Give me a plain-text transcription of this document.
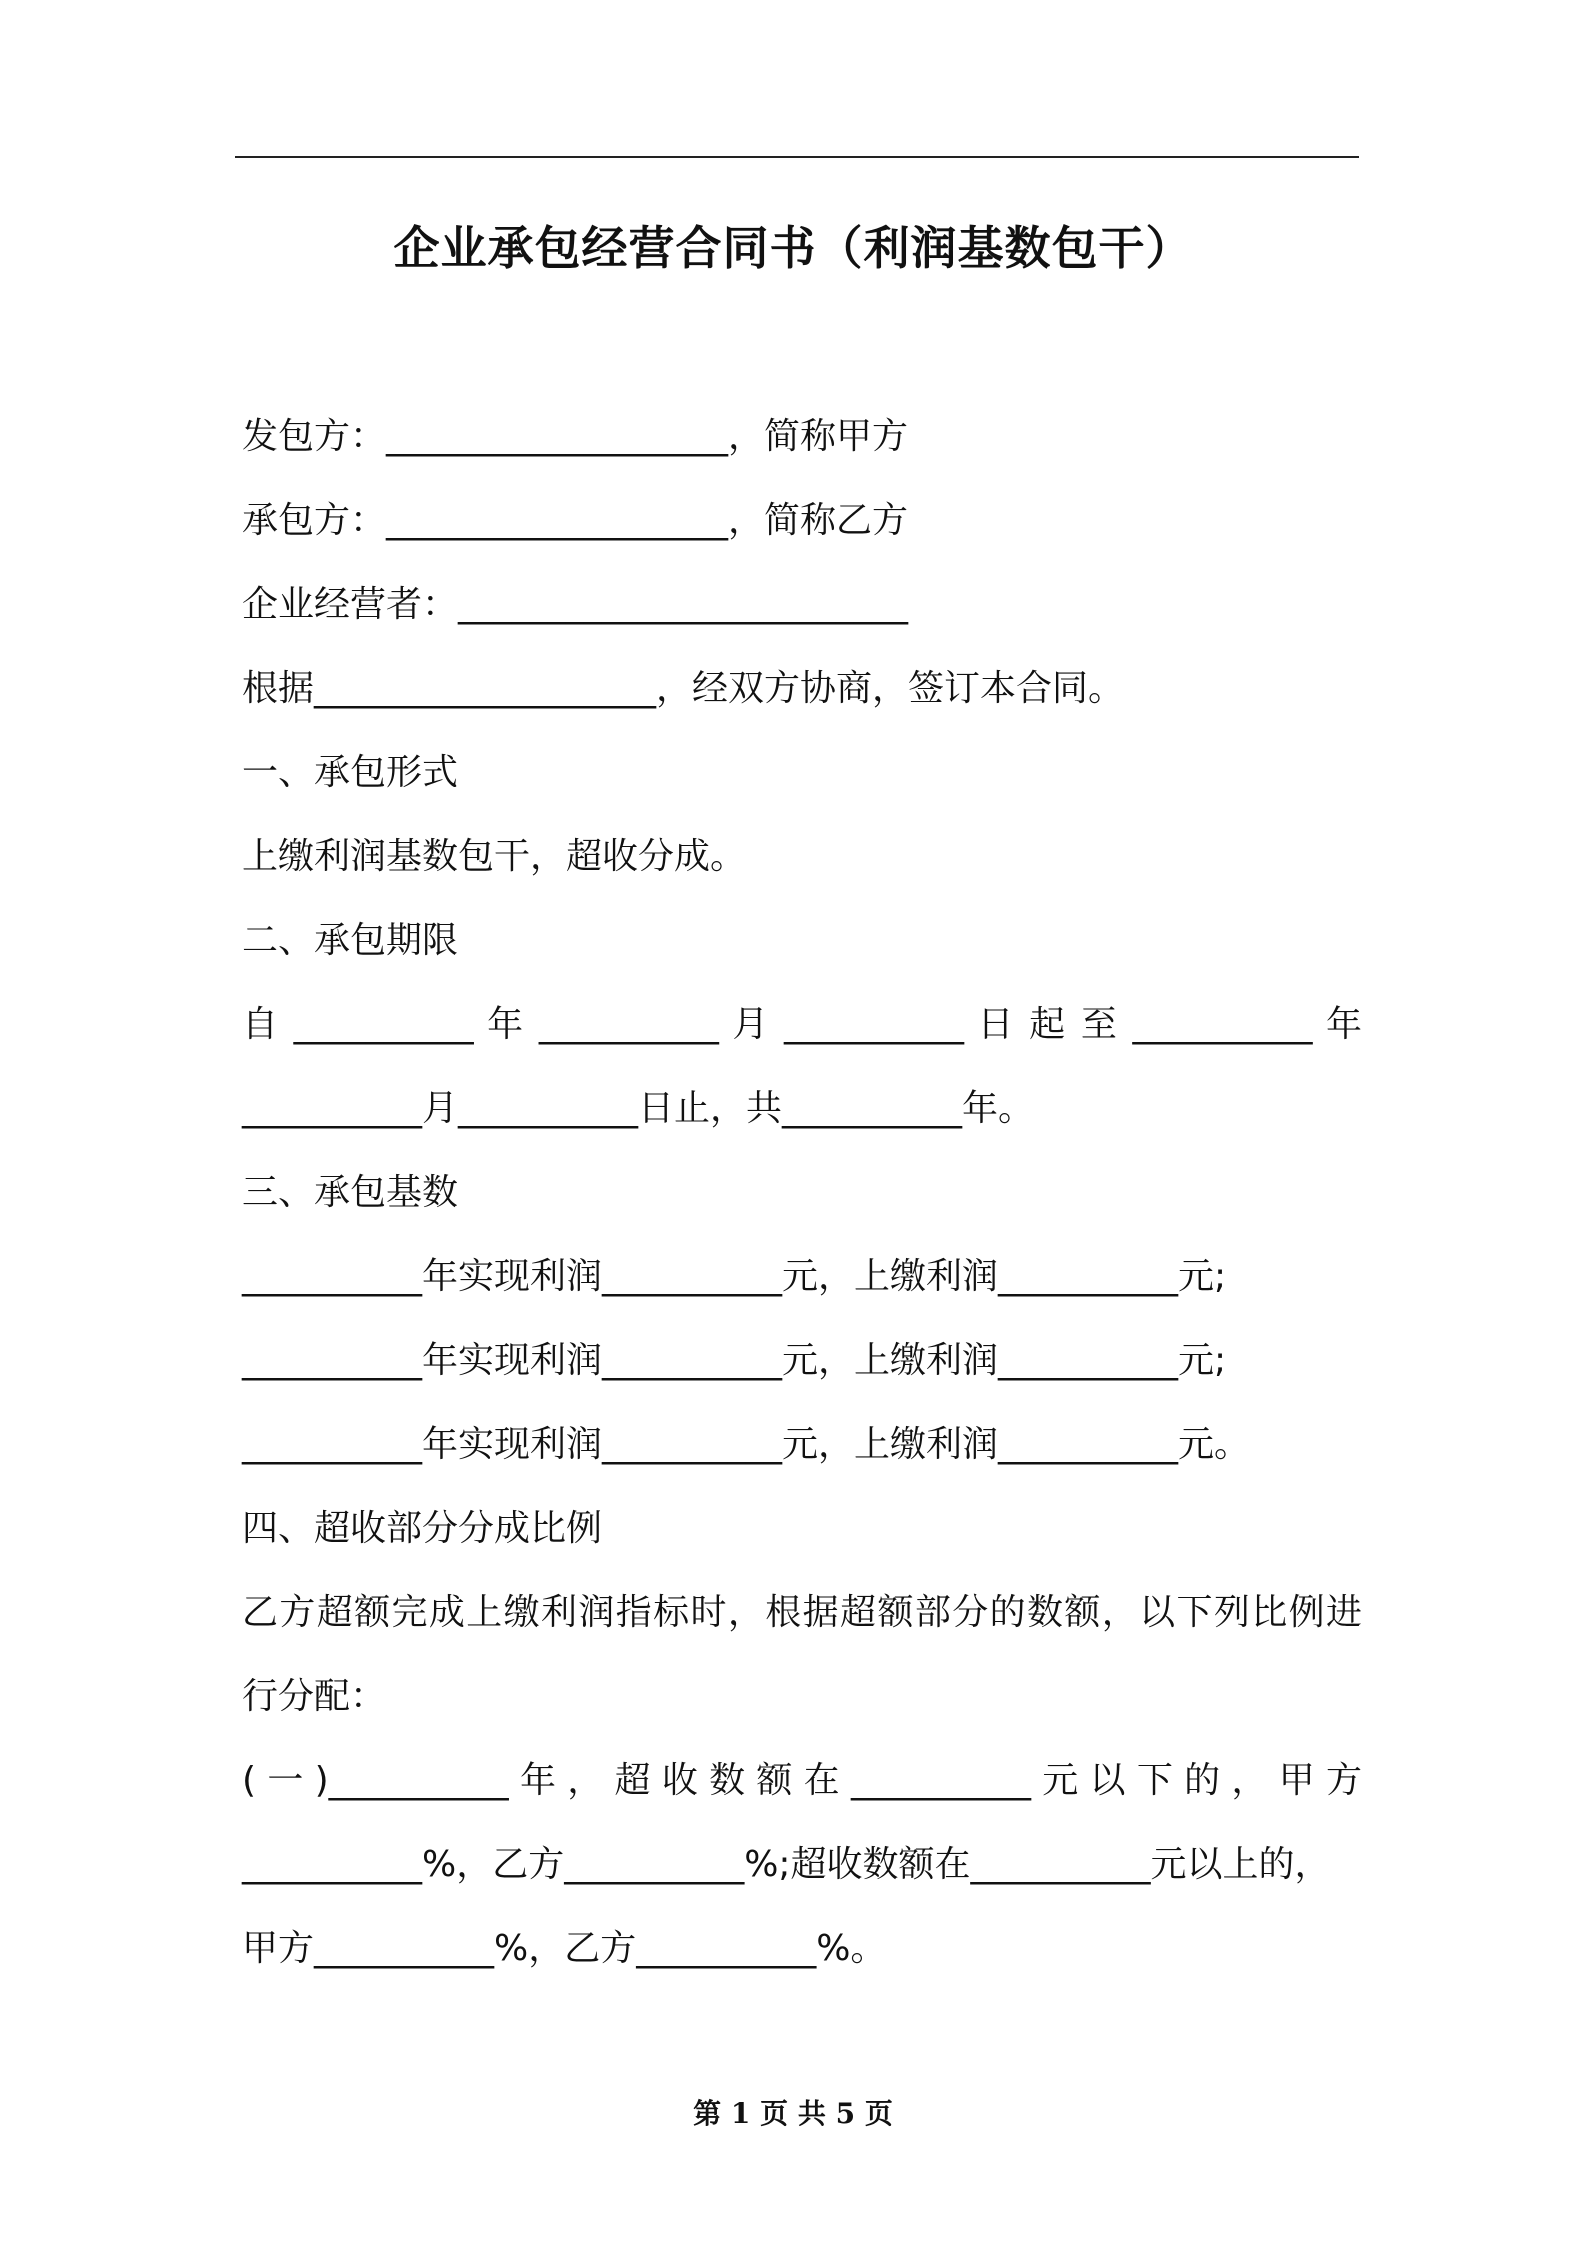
企业承包经营合同书（利润基数包干）
发包方：___________________，简称甲方
承包方：___________________，简称乙方
企业经营者：_________________________
根据___________________，经双方协商，签订本合同。
一、承包形式
上缴利润基数包干，超收分成。
二、承包期限
自 __________ 年 __________ 月 __________ 日 起 至 __________ 年
__________月__________日止，共__________年。
三、承包基数
__________年实现利润__________元，上缴利润__________元;
__________年实现利润__________元，上缴利润__________元;
__________年实现利润__________元，上缴利润__________元。
四、超收部分分成比例
乙方超额完成上缴利润指标时，根据超额部分的数额，以下列比例进
行分配：
(一)__________年，超收数额在__________元以下的，甲方
__________%，乙方__________%;超收数额在__________元以上的，
甲方__________%，乙方__________%。
第 1 页 共 5 页
